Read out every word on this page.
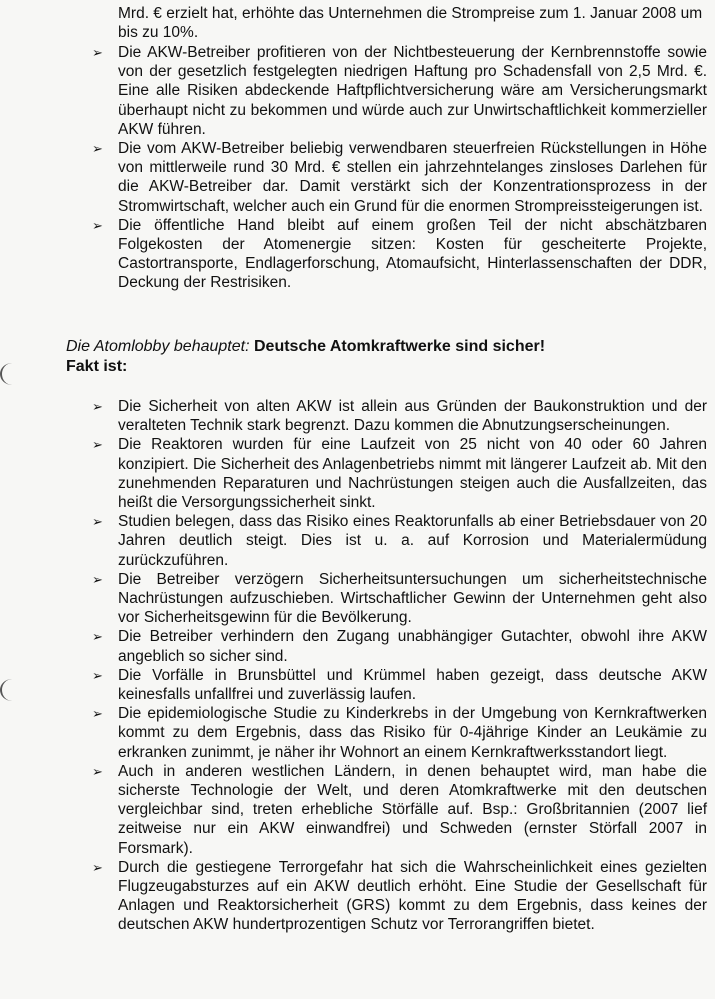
Mrd. € erzielt hat, erhöhte das Unternehmen die Strompreise zum 1. Januar 2008 um bis zu 10%.
➢ Die AKW-Betreiber profitieren von der Nichtbesteuerung der Kernbrennstoffe sowie von der gesetzlich festgelegten niedrigen Haftung pro Schadensfall von 2,5 Mrd. €. Eine alle Risiken abdeckende Haftpflichtversicherung wäre am Versicherungsmarkt überhaupt nicht zu bekommen und würde auch zur Unwirtschaftlichkeit kommerzieller AKW führen.
➢ Die vom AKW-Betreiber beliebig verwendbaren steuerfreien Rückstellungen in Höhe von mittlerweile rund 30 Mrd. € stellen ein jahrzehntelanges zinsloses Darlehen für die AKW-Betreiber dar. Damit verstärkt sich der Konzentrationsprozess in der Stromwirtschaft, welcher auch ein Grund für die enormen Strompreissteigerungen ist.
➢ Die öffentliche Hand bleibt auf einem großen Teil der nicht abschätzbaren Folgekosten der Atomenergie sitzen: Kosten für gescheiterte Projekte, Castortransporte, Endlagerforschung, Atomaufsicht, Hinterlassenschaften der DDR, Deckung der Restrisiken.
Die Atomlobby behauptet: Deutsche Atomkraftwerke sind sicher!
Fakt ist:
➢ Die Sicherheit von alten AKW ist allein aus Gründen der Baukonstruktion und der veralteten Technik stark begrenzt. Dazu kommen die Abnutzungserscheinungen.
➢ Die Reaktoren wurden für eine Laufzeit von 25 nicht von 40 oder 60 Jahren konzipiert. Die Sicherheit des Anlagenbetriebs nimmt mit längerer Laufzeit ab. Mit den zunehmenden Reparaturen und Nachrüstungen steigen auch die Ausfallzeiten, das heißt die Versorgungssicherheit sinkt.
➢ Studien belegen, dass das Risiko eines Reaktorunfalls ab einer Betriebsdauer von 20 Jahren deutlich steigt. Dies ist u. a. auf Korrosion und Materialermüdung zurückzuführen.
➢ Die Betreiber verzögern Sicherheitsuntersuchungen um sicherheitstechnische Nachrüstungen aufzuschieben. Wirtschaftlicher Gewinn der Unternehmen geht also vor Sicherheitsgewinn für die Bevölkerung.
➢ Die Betreiber verhindern den Zugang unabhängiger Gutachter, obwohl ihre AKW angeblich so sicher sind.
➢ Die Vorfälle in Brunsbüttel und Krümmel haben gezeigt, dass deutsche AKW keinesfalls unfallfrei und zuverlässig laufen.
➢ Die epidemiologische Studie zu Kinderkrebs in der Umgebung von Kernkraftwerken kommt zu dem Ergebnis, dass das Risiko für 0-4jährige Kinder an Leukämie zu erkranken zunimmt, je näher ihr Wohnort an einem Kernkraftwerksstandort liegt.
➢ Auch in anderen westlichen Ländern, in denen behauptet wird, man habe die sicherste Technologie der Welt, und deren Atomkraftwerke mit den deutschen vergleichbar sind, treten erhebliche Störfälle auf. Bsp.: Großbritannien (2007 lief zeitweise nur ein AKW einwandfrei) und Schweden (ernster Störfall 2007 in Forsmark).
➢ Durch die gestiegene Terrorgefahr hat sich die Wahrscheinlichkeit eines gezielten Flugzeugabsturzes auf ein AKW deutlich erhöht. Eine Studie der Gesellschaft für Anlagen und Reaktorsicherheit (GRS) kommt zu dem Ergebnis, dass keines der deutschen AKW hundertprozentigen Schutz vor Terrorangriffen bietet.
